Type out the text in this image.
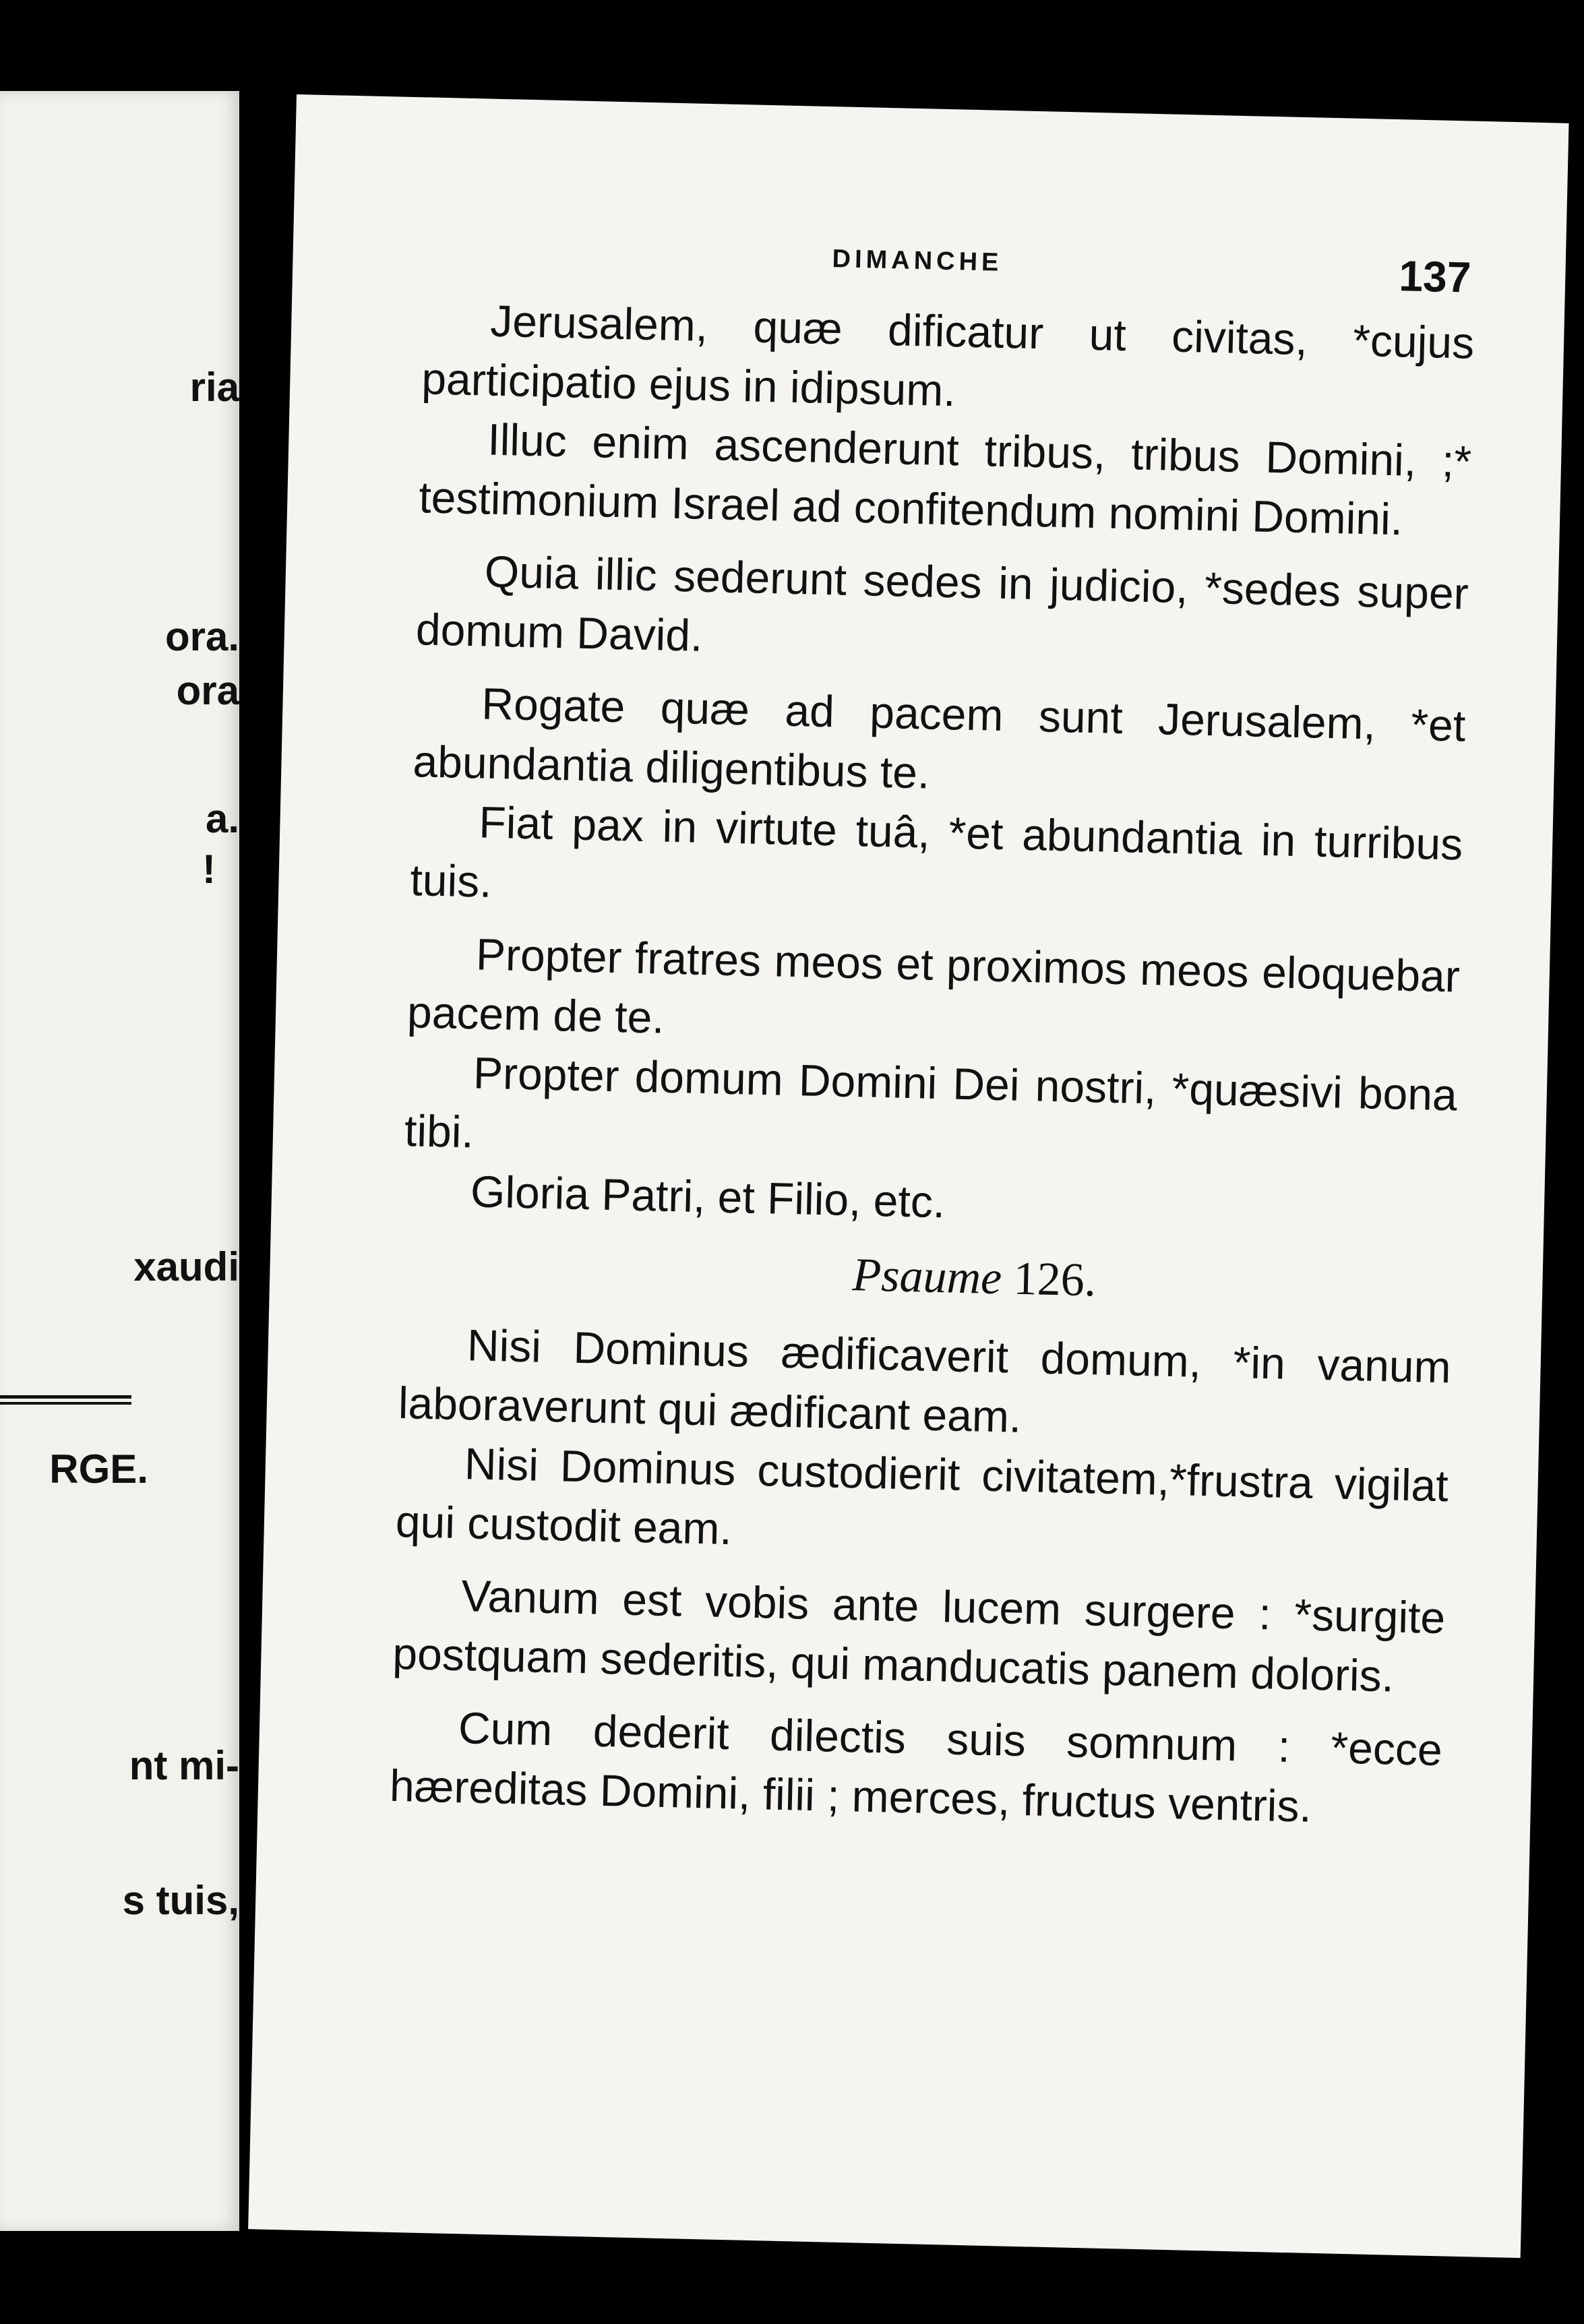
ria
ora.
ora
a.
!
xaudi
RGE.
nt mi-
s tuis,
DIMANCHE	137

Jerusalem, quæ dificatur ut civitas, *cujus participatio ejus in idipsum.

Illuc enim ascenderunt tribus, tribus Domini, ;* testimonium Israel ad confitendum nomini Domini.

Quia illic sederunt sedes in judicio, *sedes super domum David.

Rogate quæ ad pacem sunt Jerusalem, *et abundantia diligentibus te.

Fiat pax in virtute tuâ, *et abundantia in turribus tuis.

Propter fratres meos et proximos meos eloquebar pacem de te.

Propter domum Domini Dei nostri, *quæsivi bona tibi.

Gloria Patri, et Filio, etc.

Psaume 126.

Nisi Dominus ædificaverit domum, *in vanum laboraverunt qui ædificant eam.

Nisi Dominus custodierit civitatem,*frustra vigilat qui custodit eam.

Vanum est vobis ante lucem surgere : *surgite postquam sederitis, qui manducatis panem doloris.

Cum dederit dilectis suis somnum : *ecce hæreditas Domini, filii ; merces, fructus ventris.
